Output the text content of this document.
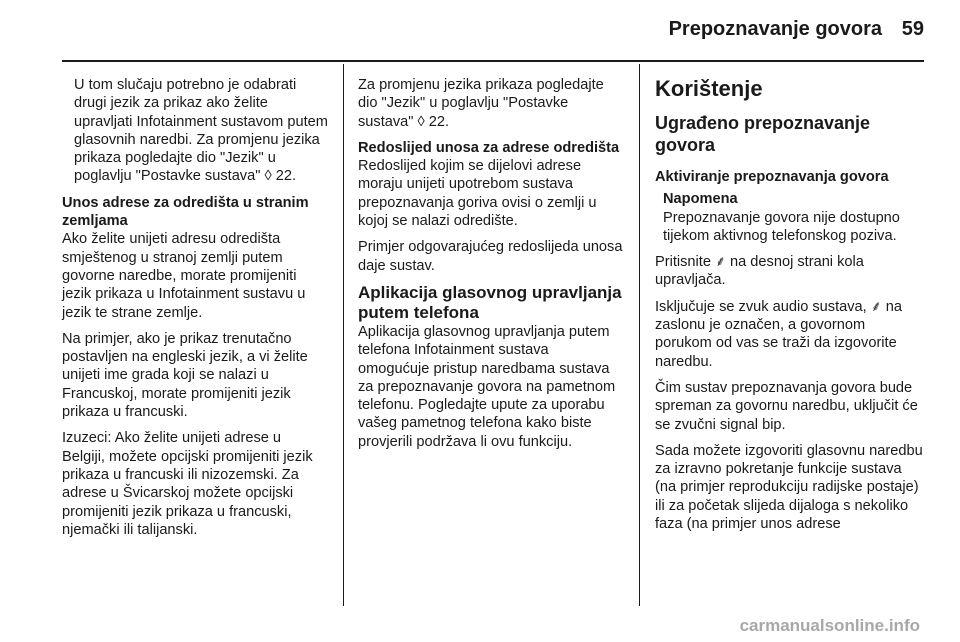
Prepoznavanje govora 59

U tom slučaju potrebno je odabrati drugi jezik za prikaz ako želite upravljati Infotainment sustavom putem glasovnih naredbi. Za promjenu jezika prikaza pogledajte dio "Jezik" u poglavlju "Postavke sustava" ◊ 22.

Unos adrese za odredišta u stranim zemljama
Ako želite unijeti adresu odredišta smještenog u stranoj zemlji putem govorne naredbe, morate promijeniti jezik prikaza u Infotainment sustavu u jezik te strane zemlje.

Na primjer, ako je prikaz trenutačno postavljen na engleski jezik, a vi želite unijeti ime grada koji se nalazi u Francuskoj, morate promijeniti jezik prikaza u francuski.

Izuzeci: Ako želite unijeti adrese u Belgiji, možete opcijski promijeniti jezik prikaza u francuski ili nizozemski. Za adrese u Švicarskoj možete opcijski promijeniti jezik prikaza u francuski, njemački ili talijanski.

Za promjenu jezika prikaza pogledajte dio "Jezik" u poglavlju "Postavke sustava" ◊ 22.

Redoslijed unosa za adrese odredišta
Redoslijed kojim se dijelovi adrese moraju unijeti upotrebom sustava prepoznavanja goriva ovisi o zemlji u kojoj se nalazi odredište.

Primjer odgovarajućeg redoslijeda unosa daje sustav.

Aplikacija glasovnog upravljanja putem telefona

Aplikacija glasovnog upravljanja putem telefona Infotainment sustava omogućuje pristup naredbama sustava za prepoznavanje govora na pametnom telefonu. Pogledajte upute za uporabu vašeg pametnog telefona kako biste provjerili podržava li ovu funkciju.

Korištenje
Ugrađeno prepoznavanje govora

Aktiviranje prepoznavanja govora

Napomena

Prepoznavanje govora nije dostupno tijekom aktivnog telefonskog poziva.

Pritisnite ⸙ na desnoj strani kola upravljača.

Isključuje se zvuk audio sustava, ⸙ na zaslonu je označen, a govornom porukom od vas se traži da izgovorite naredbu.

Čim sustav prepoznavanja govora bude spreman za govornu naredbu, uključit će se zvučni signal bip.

Sada možete izgovoriti glasovnu naredbu za izravno pokretanje funkcije sustava (na primjer reprodukciju radijske postaje) ili za početak slijeda dijaloga s nekoliko faza (na primjer unos adrese

carmanualsonline.info
